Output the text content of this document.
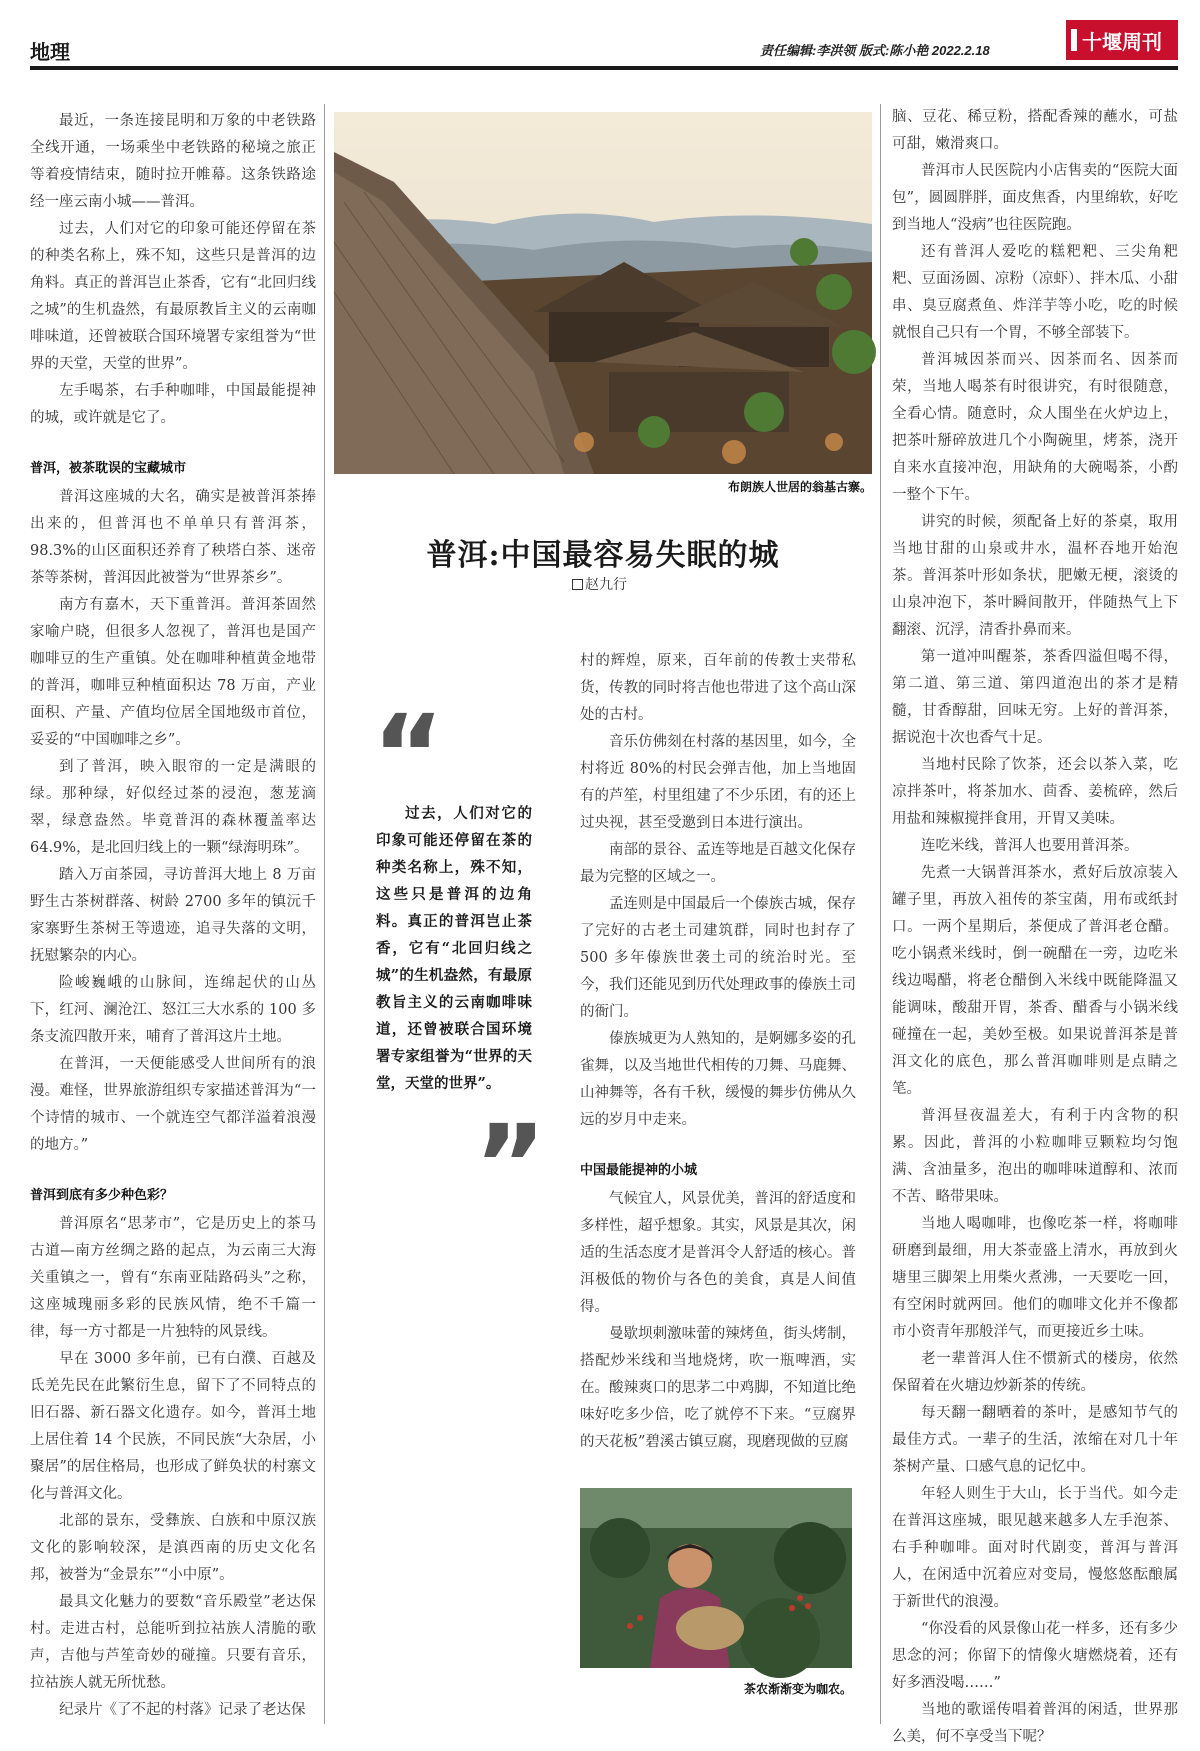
地理	责任编辑:李洪领 版式:陈小艳 2022.2.18	十堰周刊

最近，一条连接昆明和万象的中老铁路全线开通，一场乘坐中老铁路的秘境之旅正等着疫情结束，随时拉开帷幕。这条铁路途经一座云南小城——普洱。

过去，人们对它的印象可能还停留在茶的种类名称上，殊不知，这些只是普洱的边角料。真正的普洱岂止茶香，它有“北回归线之城”的生机盎然，有最原教旨主义的云南咖啡味道，还曾被联合国环境署专家组誉为“世界的天堂，天堂的世界”。

左手喝茶，右手种咖啡，中国最能提神的城，或许就是它了。

普洱，被茶耽误的宝藏城市

普洱这座城的大名，确实是被普洱茶捧出来的，但普洱也不单单只有普洱茶，98.3%的山区面积还养育了秧塔白茶、迷帝茶等茶树，普洱因此被誉为“世界茶乡”。

南方有嘉木，天下重普洱。普洱茶固然家喻户晓，但很多人忽视了，普洱也是国产咖啡豆的生产重镇。处在咖啡种植黄金地带的普洱，咖啡豆种植面积达 78 万亩，产业面积、产量、产值均位居全国地级市首位，妥妥的“中国咖啡之乡”。

到了普洱，映入眼帘的一定是满眼的绿。那种绿，好似经过茶的浸泡，葱茏滴翠，绿意盎然。毕竟普洱的森林覆盖率达 64.9%，是北回归线上的一颗“绿海明珠”。

踏入万亩茶园，寻访普洱大地上 8 万亩野生古茶树群落、树龄 2700 多年的镇沅千家寨野生茶树王等遗迹，追寻失落的文明，抚慰繁杂的内心。

险峻巍峨的山脉间，连绵起伏的山丛下，红河、澜沧江、怒江三大水系的 100 多条支流四散开来，哺育了普洱这片土地。

在普洱，一天便能感受人世间所有的浪漫。难怪，世界旅游组织专家描述普洱为“一个诗情的城市、一个就连空气都洋溢着浪漫的地方。”

普洱到底有多少种色彩？

普洱原名“思茅市”，它是历史上的茶马古道—南方丝绸之路的起点，为云南三大海关重镇之一，曾有“东南亚陆路码头”之称，这座城瑰丽多彩的民族风情，绝不千篇一律，每一方寸都是一片独特的风景线。

早在 3000 多年前，已有白濮、百越及氐羌先民在此繁衍生息，留下了不同特点的旧石器、新石器文化遗存。如今，普洱土地上居住着 14 个民族，不同民族“大杂居，小聚居”的居住格局，也形成了鲜奂状的村寨文化与普洱文化。

北部的景东，受彝族、白族和中原汉族文化的影响较深，是滇西南的历史文化名邦，被誉为“金景东”“小中原”。

最具文化魅力的要数“音乐殿堂”老达保村。走进古村，总能听到拉祜族人清脆的歌声，吉他与芦笙奇妙的碰撞。只要有音乐，拉祜族人就无所忧愁。

纪录片《了不起的村落》记录了老达保

布朗族人世居的翁基古寨。
普洱:中国最容易失眠的城
赵九行
“
过去，人们对它的印象可能还停留在茶的种类名称上，殊不知，这些只是普洱的边角料。真正的普洱岂止茶香，它有“北回归线之城”的生机盎然，有最原教旨主义的云南咖啡味道，还曾被联合国环境署专家组誉为“世界的天堂，天堂的世界”。
”

村的辉煌，原来，百年前的传教士夹带私货，传教的同时将吉他也带进了这个高山深处的古村。

音乐仿佛刻在村落的基因里，如今，全村将近 80%的村民会弹吉他，加上当地固有的芦笙，村里组建了不少乐团，有的还上过央视，甚至受邀到日本进行演出。

南部的景谷、孟连等地是百越文化保存最为完整的区域之一。

孟连则是中国最后一个傣族古城，保存了完好的古老土司建筑群，同时也封存了 500 多年傣族世袭土司的统治时光。至今，我们还能见到历代处理政事的傣族土司的衙门。

傣族城更为人熟知的，是婀娜多姿的孔雀舞，以及当地世代相传的刀舞、马鹿舞、山神舞等，各有千秋，缓慢的舞步仿佛从久远的岁月中走来。

中国最能提神的小城

气候宜人，风景优美，普洱的舒适度和多样性，超乎想象。其实，风景是其次，闲适的生活态度才是普洱令人舒适的核心。普洱极低的物价与各色的美食，真是人间值得。

曼歇坝刺激味蕾的辣烤鱼，街头烤制，搭配炒米线和当地烧烤，吹一瓶啤酒，实在。酸辣爽口的思茅二中鸡脚，不知道比绝味好吃多少倍，吃了就停不下来。“豆腐界的天花板”碧溪古镇豆腐，现磨现做的豆腐

茶农渐渐变为咖农。

脑、豆花、稀豆粉，搭配香辣的蘸水，可盐可甜，嫩滑爽口。

普洱市人民医院内小店售卖的“医院大面包”，圆圆胖胖，面皮焦香，内里绵软，好吃到当地人“没病”也往医院跑。

还有普洱人爱吃的糕粑粑、三尖角粑粑、豆面汤圆、凉粉（凉虾）、拌木瓜、小甜串、臭豆腐煮鱼、炸洋芋等小吃，吃的时候就恨自己只有一个胃，不够全部装下。

普洱城因茶而兴、因茶而名、因茶而荣，当地人喝茶有时很讲究，有时很随意，全看心情。随意时，众人围坐在火炉边上，把茶叶掰碎放进几个小陶碗里，烤茶，浇开自来水直接冲泡，用缺角的大碗喝茶，小酌一整个下午。

讲究的时候，须配备上好的茶桌，取用当地甘甜的山泉或井水，温杯吞地开始泡茶。普洱茶叶形如条状，肥嫩无梗，滚烫的山泉冲泡下，茶叶瞬间散开，伴随热气上下翻滚、沉浮，清香扑鼻而来。

第一道冲叫醒茶，茶香四溢但喝不得，第二道、第三道、第四道泡出的茶才是精髓，甘香醇甜，回味无穷。上好的普洱茶，据说泡十次也香气十足。

当地村民除了饮茶，还会以茶入菜，吃凉拌茶叶，将茶加水、茴香、姜梳碎，然后用盐和辣椒搅拌食用，开胃又美味。

连吃米线，普洱人也要用普洱茶。

先煮一大锅普洱茶水，煮好后放凉装入罐子里，再放入祖传的茶宝菌，用布或纸封口。一两个星期后，茶便成了普洱老仓醋。吃小锅煮米线时，倒一碗醋在一旁，边吃米线边喝醋，将老仓醋倒入米线中既能降温又能调味，酸甜开胃，茶香、醋香与小锅米线碰撞在一起，美妙至极。如果说普洱茶是普洱文化的底色，那么普洱咖啡则是点睛之笔。

普洱昼夜温差大，有利于内含物的积累。因此，普洱的小粒咖啡豆颗粒均匀饱满、含油量多，泡出的咖啡味道醇和、浓而不苦、略带果味。

当地人喝咖啡，也像吃茶一样，将咖啡研磨到最细，用大茶壶盛上清水，再放到火塘里三脚架上用柴火煮沸，一天要吃一回，有空闲时就两回。他们的咖啡文化并不像都市小资青年那般洋气，而更接近乡土味。

老一辈普洱人住不惯新式的楼房，依然保留着在火塘边炒新茶的传统。

每天翻一翻晒着的茶叶，是感知节气的最佳方式。一辈子的生活，浓缩在对几十年茶树产量、口感气息的记忆中。

年轻人则生于大山，长于当代。如今走在普洱这座城，眼见越来越多人左手泡茶、右手种咖啡。面对时代剧变，普洱与普洱人，在闲适中沉着应对变局，慢悠悠酝酿属于新世代的浪漫。

“你没看的风景像山花一样多，还有多少思念的河；你留下的情像火塘燃烧着，还有好多酒没喝……”

当地的歌谣传唱着普洱的闲适，世界那么美，何不享受当下呢？
